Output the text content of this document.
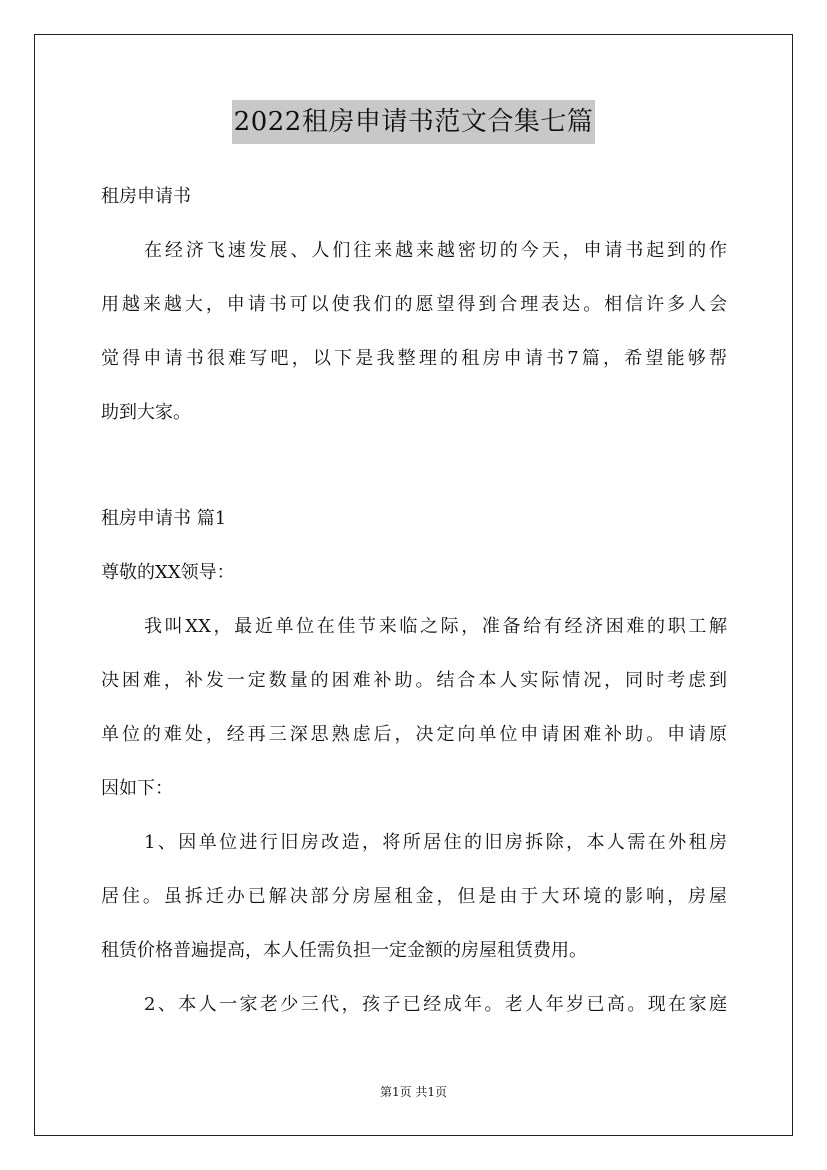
2022租房申请书范文合集七篇
租房申请书
在经济飞速发展、人们往来越来越密切的今天，申请书起到的作
用越来越大，申请书可以使我们的愿望得到合理表达。相信许多人会
觉得申请书很难写吧，以下是我整理的租房申请书7篇，希望能够帮
助到大家。
租房申请书 篇1
尊敬的XX领导：
我叫XX，最近单位在佳节来临之际，准备给有经济困难的职工解
决困难，补发一定数量的困难补助。结合本人实际情况，同时考虑到
单位的难处，经再三深思熟虑后，决定向单位申请困难补助。申请原
因如下：
1、因单位进行旧房改造，将所居住的旧房拆除，本人需在外租房
居住。虽拆迁办已解决部分房屋租金，但是由于大环境的影响，房屋
租赁价格普遍提高，本人任需负担一定金额的房屋租赁费用。
2、本人一家老少三代，孩子已经成年。老人年岁已高。现在家庭
第1页 共1页
